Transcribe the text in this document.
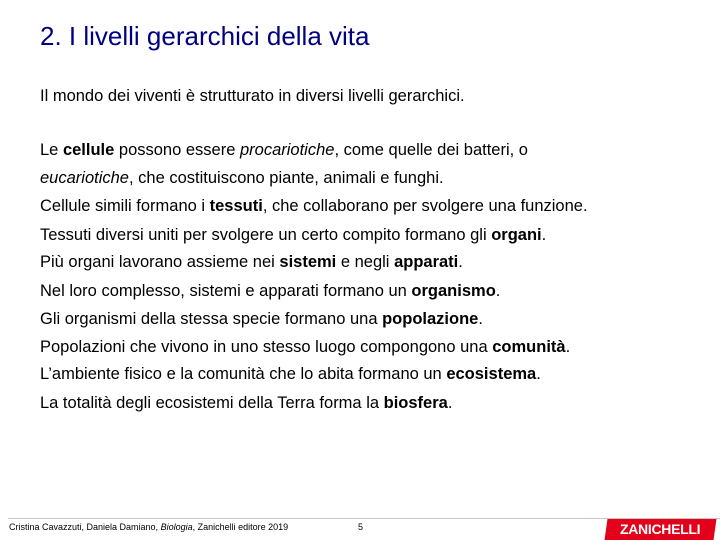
2. I livelli gerarchici della vita
Il mondo dei viventi è strutturato in diversi livelli gerarchici.
Le cellule possono essere procariotiche, come quelle dei batteri, o
eucariotiche, che costituiscono piante, animali e funghi.
Cellule simili formano i tessuti, che collaborano per svolgere una funzione.
Tessuti diversi uniti per svolgere un certo compito formano gli organi.
Più organi lavorano assieme nei sistemi e negli apparati.
Nel loro complesso, sistemi e apparati formano un organismo.
Gli organismi della stessa specie formano una popolazione.
Popolazioni che vivono in uno stesso luogo compongono una comunità.
L’ambiente fisico e la comunità che lo abita formano un ecosistema.
La totalità degli ecosistemi della Terra forma la biosfera.
Cristina Cavazzuti, Daniela Damiano, Biologia, Zanichelli editore 2019	5	ZANICHELLI
